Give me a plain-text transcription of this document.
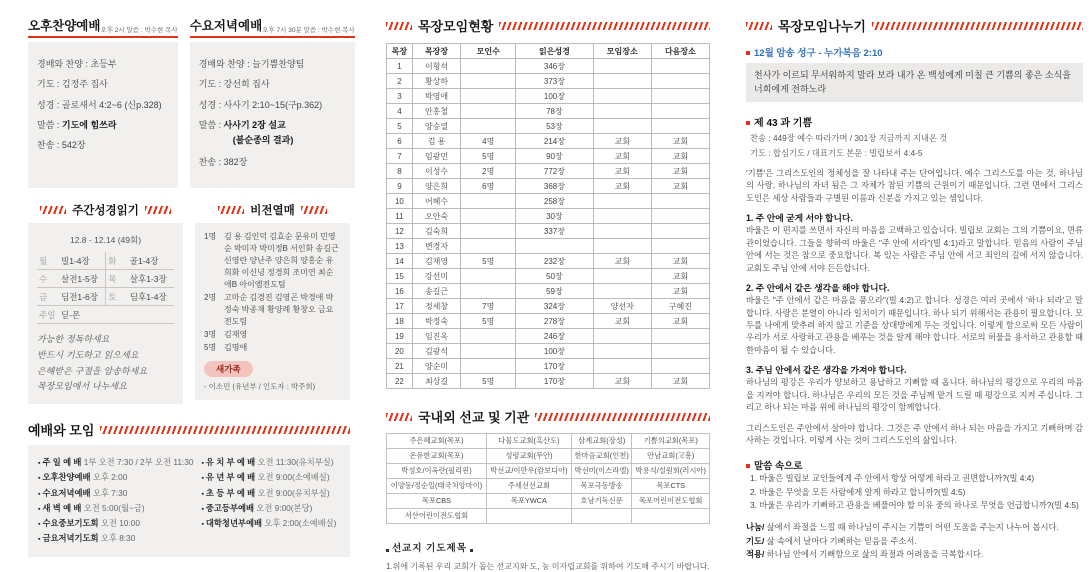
오후찬양예배 오후 2시 말씀 : 박수현 목사
경배와 찬양 : 초등부
기도 : 김정주 집사
성경 : 골로새서 4:2~6 (신p.328)
말씀 : 기도에 힘쓰라
찬송 : 542장
수요저녁예배 오후 7시 30분 말씀 : 박수현 목사
경배와 찬양 : 늘기쁨찬양팀
기도 : 강선희 집사
성경 : 사사기 2:10~15(구p.362)
말씀 : 사사기 2장 설교
(불순종의 결과)
찬송 : 382장
주간성경읽기
12.8 - 12.14 (49회)
월	빌1-4장	화	골1-4장
수	살전1-5장	목	살후1-3장
금	딤전1-6장	토	딤후1-4장
주일	딛-몬		
가능한 정독하세요
반드시 기도하고 읽으세요
은혜받은 구절을 암송하세요
목장모임에서 나누세요
비전열매
1명 김 용 김인덕 김효순 문유미 민영순 박미자 박미정B 서인화 송길근 신영란 양난주 양은희 양홍순 유희화 이신녕 정경희 조미연 최순애B 아이엠전도팀
2명 고마순 김경진 김영곤 박경애 박정숙 박종재 황양례 황창오 금요전도팀
3명 김재영
5명 김명애
새가족
- 이소민 (유년부 / 인도자 : 박주희)
예배와 모임
▪ 주 일 예 배 1부 오전 7:30 / 2부 오전 11:30
▪ 오후찬양예배 오후 2:00
▪ 수요저녁예배 오후 7:30
▪ 새 벽 예 배 오전 5:00(월~금)
▪ 수요중보기도회 오전 10:00
▪ 금요저녁기도회 오후 8:30
▪ 유 치 부 예 배 오전 11:30(유치부실)
▪ 유 년 부 예 배 오전 9:00(소예배실)
▪ 초 등 부 예 배 오전 9:00(유치부실)
▪ 중고등부예배 오전 9:00(본당)
▪ 대학청년부예배 오후 2:00(소예배실)
목장모임현황
목장	목장장	모인수	읽은성경	모임장소	다음장소
1	이형석		346장		
2	황상하		373장		
3	박영애		100장		
4	안홍철		78장		
5	양승열		53장		
6	김 용	4명	214장	교회	교회
7	임광민	5명	90장	교회	교회
8	이성수	2명	772장	교회	교회
9	양은희	6명	368장	교회	교회
10	어혜수		258장		
11	오안숙		30장		
12	김숙희		337장		
13	변경자				
14	김재영	5명	232장	교회	교회
15	강선미		50장		교회
16	송길근		59장		교회
17	정세창	7명	324장	양선자	구혜진
18	박정숙	5명	278장	교회	교회
19	임진옥		246장		
20	김광석		100장		
21	양순미		170장		
22	최상길	5명	170장	교회	교회
국내외 선교 및 기관
주은혜교회(목포)	다물도교회(흑산도)	삼계교회(장성)	기쁨의교회(목포)
온유한교회(목포)	성령교회(무안)	한마음교회(인천)	안남교회(고흥)
박성호/이옥란(필리핀)	박선교/이만우(캄보디아)	박선미(이스라엘)	박용석/설원희(러시아)
이양동/정순일(태국치앙마이)	주세선선교회	목포극동방송	목포CTS
목포CBS	목포YWCA	호남기독신문	목포어린이전도협회
서산어린이전도협회			
선교지 기도제목
1.위에 기록된 우리 교회가 돕는 선교지와 도, 농 미자립교회를 위하여 기도해 주시기 바랍니다.
목장모임나누기
12월 암송 성구 - 누가복음 2:10
천사가 이르되 무서워하지 말라 보라 내가 온 백성에게 미칠 큰 기쁨의 좋은 소식을 너희에게 전하노라
제 43 과 기쁨
찬송 : 449장 예수 따라가며 / 301장 지금까지 지내온 것
기도 : 합심기도 / 대표기도 본문 : 빌립보서 4:4-5
'기쁨'은 그리스도인의 정체성을 잘 나타내 주는 단어입니다. 예수 그리스도를 아는 것, 하나님의 사랑, 하나님의 자녀 됨은 그 자체가 참된 기쁨의 근원이기 때문입니다. 그런 면에서 그리스도인은 세상 사람들과 구별된 이름과 신분을 가지고 있는 셈입니다.
1. 주 안에 굳게 서야 합니다.
바울은 이 편지를 쓰면서 자신의 마음을 고백하고 있습니다. 빌립보 교회는 그의 기쁨이요, 면류관이었습니다. 그들을 향하여 바울은 "주 안에 서라"(빌 4:1)라고 말합니다. 믿음의 사람이 주님 안에 서는 것은 참으로 중요합니다. 복 있는 사람은 주님 안에 서고 죄인의 길에 서지 않습니다. 교회도 주님 안에 서야 든든합니다.
2. 주 안에서 같은 생각을 해야 합니다.
바울은 "주 안에서 같은 마음을 품으라"(빌 4:2)고 합니다. 성경은 여러 곳에서 '하나 되라'고 말합니다. 사랑은 분열이 아니라 일치이기 때문입니다. 하나 되기 위해서는 관용이 필요합니다. 모두를 나에게 맞추려 하지 않고 기준을 상대방에게 두는 것입니다. 이렇게 함으로써 모든 사람이 우리가 서로 사랑하고 관용을 베푸는 것을 알게 해야 합니다. 서로의 허물을 용서하고 관용할 때 한마음이 될 수 있습니다.
3. 주님 안에서 같은 생각을 가져야 합니다.
하나님의 평강은 우리가 양보하고 용납하고 기뻐할 때 옵니다. 하나님의 평강으로 우리의 마음을 지켜야 합니다. 하나님은 우리의 모든 것을 주님께 맡겨 드릴 때 평강으로 지켜 주십니다. 그리고 하나 되는 마음 위에 하나님의 평강이 함께합니다.
그리스도인은 주안에서 살아야 합니다. 그것은 주 안에서 하나 되는 마음을 가지고 기뻐하며 감사하는 것입니다. 이렇게 사는 것이 그리스도인의 삶입니다.
말씀 속으로
1. 바울은 빌립보 교인들에게 주 안에서 항상 어떻게 하라고 권면합니까?(빌 4:4)
2. 바울은 무엇을 모든 사람에게 알게 하라고 합니까?(빌 4:5)
3. 바울은 우리가 기뻐하고 관용을 베풀어야 할 이유 중의 하나로 무엇을 언급합니까?(빌 4:5)
나눔/ 삶에서 좌절을 느낄 때 하나님이 주시는 기쁨이 어떤 도움을 주는지 나누어 봅시다.
기도/ 삶 속에서 날마다 기뻐하는 믿음을 주소서.
적용/ 하나님 안에서 기뻐함으로 삶의 좌절과 어려움을 극복합시다.
